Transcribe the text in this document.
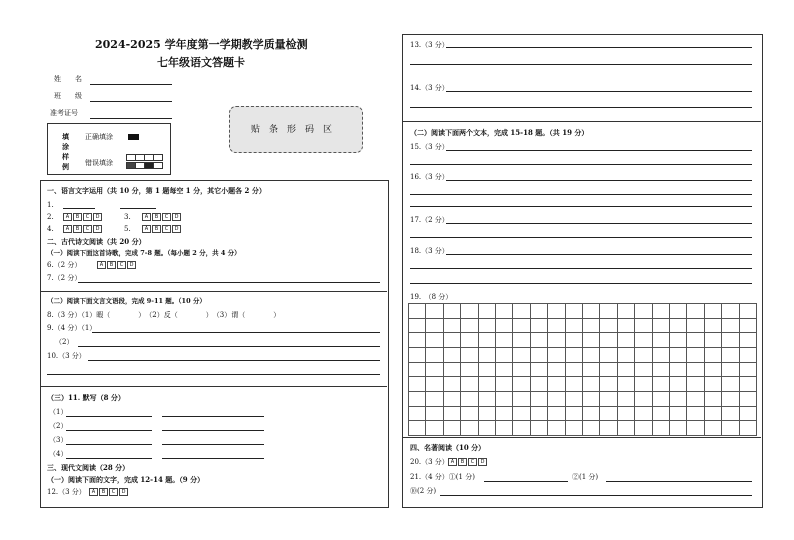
2024-2025 学年度第一学期教学质量检测
七年级语文答题卡
姓　　名
班　　级
准考证号
填
涂
样
例
正确填涂
错误填涂
贴　条　形　码　区
一、语言文字运用（共 10 分，第 1 题每空 1 分，其它小题各 2 分）
1.
2.	A	B	C	D	3.	A	B	C	D
4.	A	B	C	D	5.	A	B	C	D
二、古代诗文阅读（共 20 分）
（一）阅读下面这首诗歌，完成 7-8 题。（每小题 2 分，共 4 分）
6.（2 分）	A	B	C	D
7.（2 分）
（二）阅读下面文言文语段，完成 9-11 题。（10 分）
8.（3 分）（1）暇（　　　　）　（2）反（　　　　）　（3）谓（　　　　）
9.（4 分）（1）
（2）
10.（3 分）
（三）11. 默写（8 分）
（1）
（2）
（3）
（4）
三、现代文阅读（28 分）
（一）阅读下面的文字，完成 12-14 题。（9 分）
12.（3 分）	A	B	C	D
13.（3 分）
14.（3 分）
（二）阅读下面两个文本，完成 15-18 题。（共 19 分）
15.（3 分）
16.（3 分）
17.（2 分）
18.（3 分）
19.　（8 分）
四、名著阅读（10 分）
20.（3 分） A	B	C	D
21.（4 分）①(1 分)	②(1 分)
⑩(2 分)
